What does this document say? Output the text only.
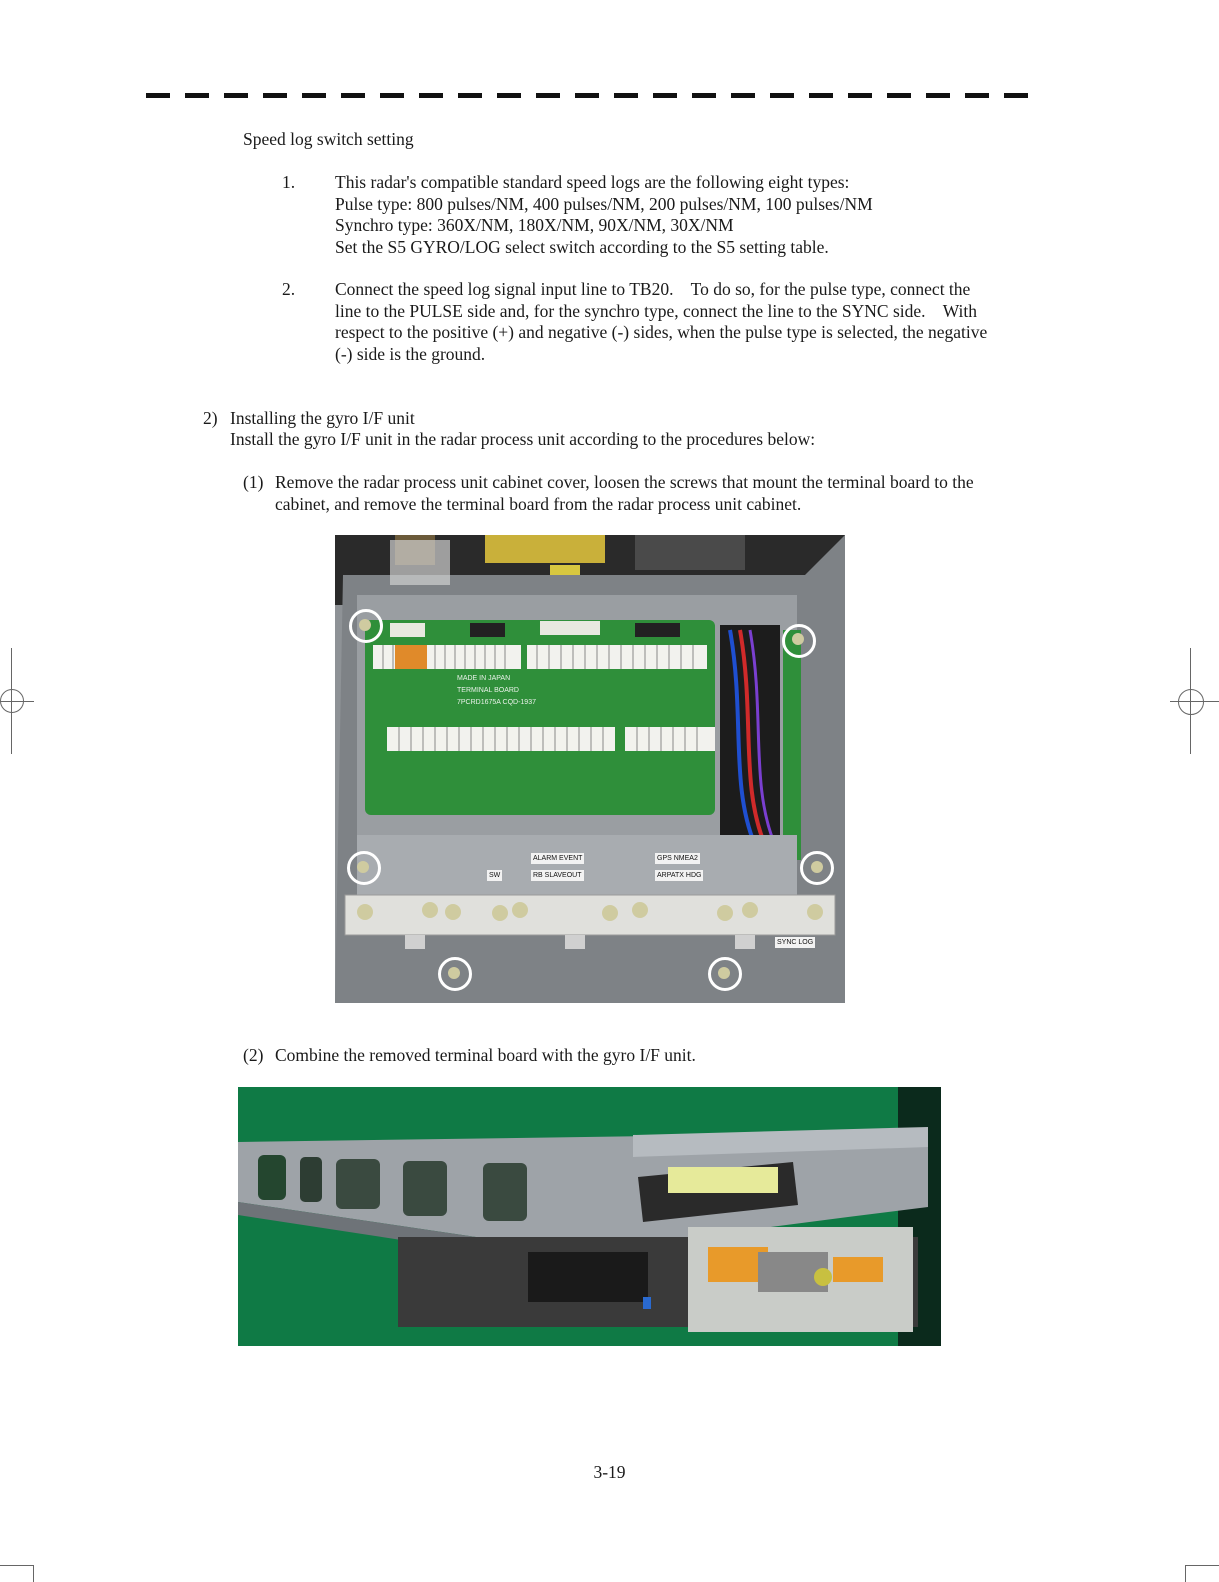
Speed log switch setting
1. This radar's compatible standard speed logs are the following eight types:
Pulse type: 800 pulses/NM, 400 pulses/NM, 200 pulses/NM, 100 pulses/NM
Synchro type: 360X/NM, 180X/NM, 90X/NM, 30X/NM
Set the S5 GYRO/LOG select switch according to the S5 setting table.
2. Connect the speed log signal input line to TB20.    To do so, for the pulse type, connect the
line to the PULSE side and, for the synchro type, connect the line to the SYNC side.    With
respect to the positive (+) and negative (-) sides, when the pulse type is selected, the negative
(-) side is the ground.
2) Installing the gyro I/F unit
Install the gyro I/F unit in the radar process unit according to the procedures below:
(1) Remove the radar process unit cabinet cover, loosen the screws that mount the terminal board to the
cabinet, and remove the terminal board from the radar process unit cabinet.
TERMINAL BOARD
7PCRD1675A CQD-1937
MADE IN JAPAN
ALARM EVENT
RB SLAVEOUT
GPS NMEA2
ARPATX HDG
SW
SYNC LOG
(2) Combine the removed terminal board with the gyro I/F unit.
3-19
